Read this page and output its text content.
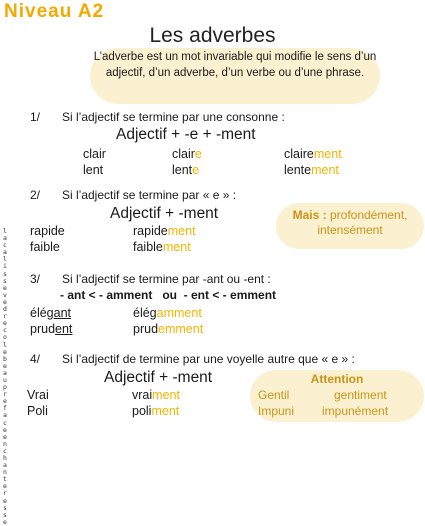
Niveau A2
Les adverbes
L’adverbe est un mot invariable qui modifie le sens d’un adjectif, d’un adverbe, d’un verbe ou d’une phrase.
1/ Si l’adjectif se termine par une consonne :
Adjectif + -e + -ment
clair	claire	clairement
lent	lente	lentement
2/ Si l’adjectif se termine par « e » :
Adjectif + -ment	Mais : profondément,
intensément
rapide	rapidement
faible	faiblement
3/ Si l’adjectif se termine par -ant ou -ent :
- ant < - amment   ou  - ent < - emment
élégant	élégamment
prudent	prudemment
4/ Si l’adjectif de termine par une voyelle autre que « e » :
Adjectif + -ment	Attention
Gentil	gentiment
Impuni impunément
Vrai	vraiment
Poli	poliment
lacalissevedrecolebeauprefaceenchanteresse
